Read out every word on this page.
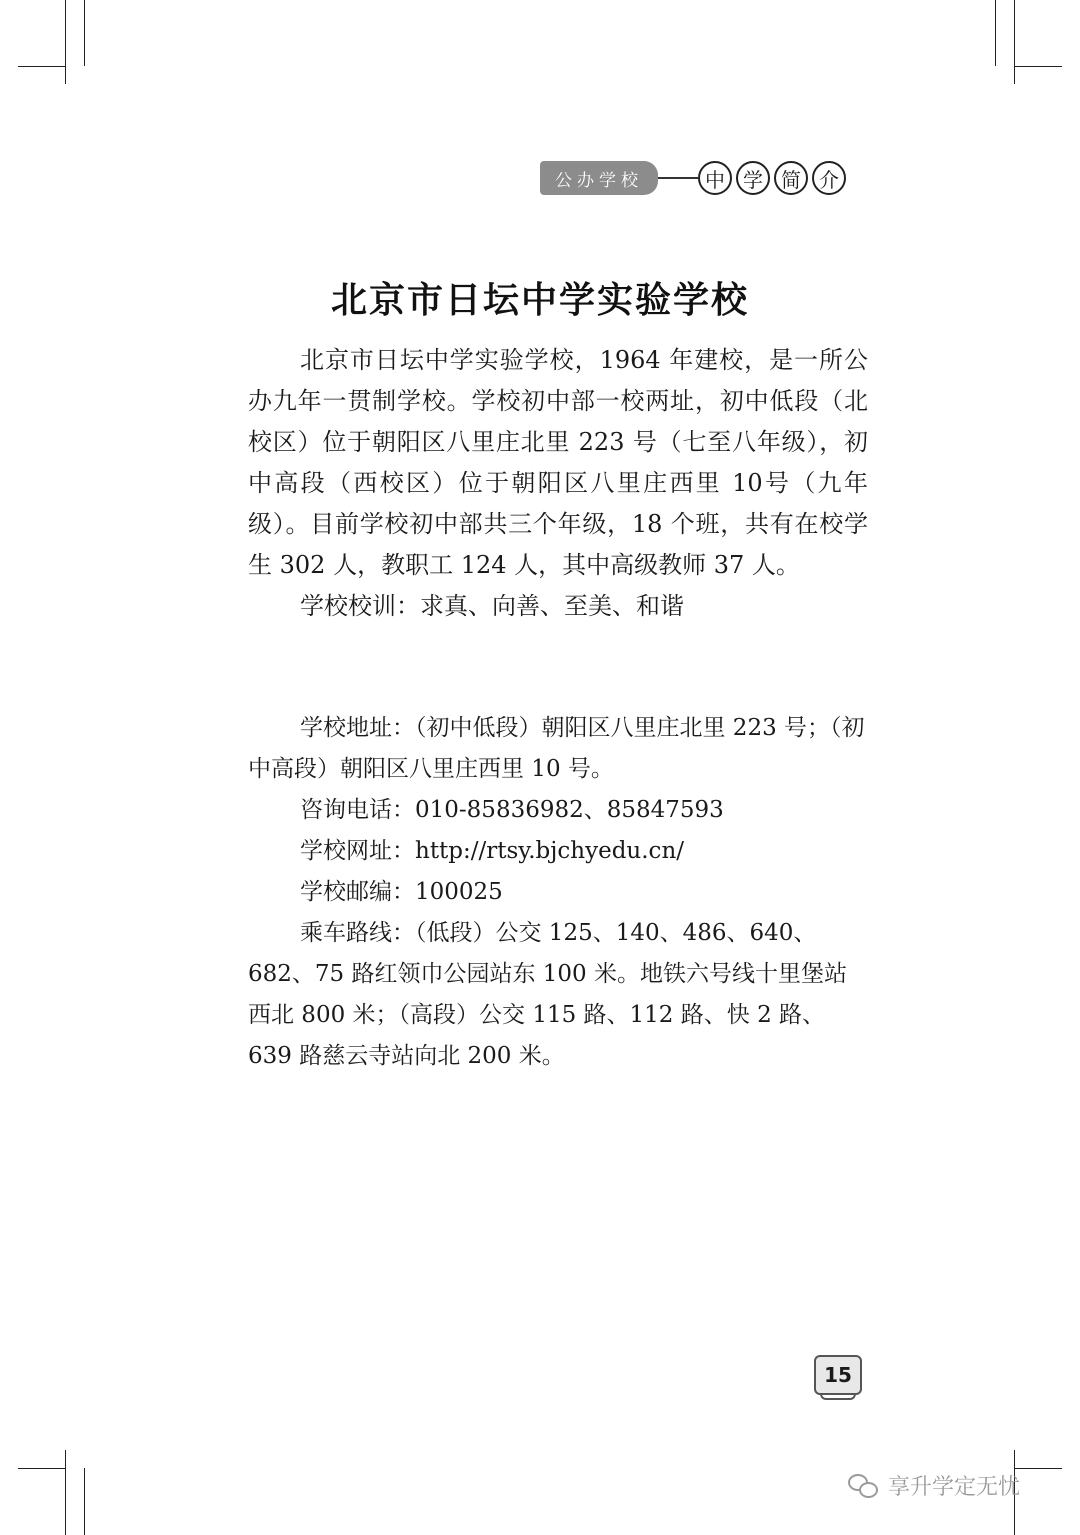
公办学校	中 学 简 介
北京市日坛中学实验学校

北京市日坛中学实验学校，1964 年建校，是一所公办九年一贯制学校。学校初中部一校两址，初中低段（北校区）位于朝阳区八里庄北里 223 号（七至八年级），初中高段（西校区）位于朝阳区八里庄西里 10号（九年级）。目前学校初中部共三个年级，18 个班，共有在校学生 302 人，教职工 124 人，其中高级教师 37 人。

学校校训：求真、向善、至美、和谐

学校地址：（初中低段）朝阳区八里庄北里 223 号；（初中高段）朝阳区八里庄西里 10 号。

咨询电话：010-85836982、85847593

学校网址：http://rtsy.bjchyedu.cn/

学校邮编：100025

乘车路线：（低段）公交 125、140、486、640、682、75 路红领巾公园站东 100 米。地铁六号线十里堡站西北 800 米；（高段）公交 115 路、112 路、快 2 路、639 路慈云寺站向北 200 米。

15
享升学定无忧
